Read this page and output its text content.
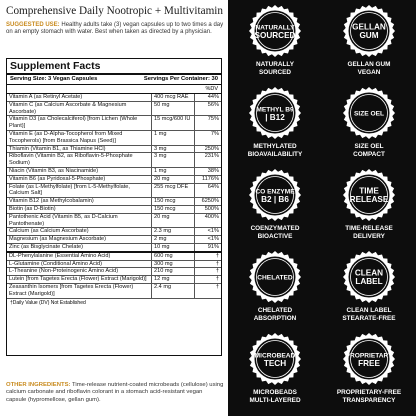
Comprehensive Daily Nootropic + Multivitamin
SUGGESTED USE: Healthy adults take (3) vegan capsules up to two times a day on an empty stomach with water. Best when taken as directed by a physician.
Supplement Facts
Serving Size: 3 Vegan Capsules	Servings Per Container: 30
%DV
Vitamin A (as Retinyl Acetate)	400 mcg RAE	44%
Vitamin C (as Calcium Ascorbate & Magnesium Ascorbate)
50 mg	56%
Vitamin D3 (as Cholecalciferol) [from Lichen (Whole Plant)]
15 mcg/600 IU	75%
Vitamin E (as D-Alpha-Tocopherol from Mixed Tocopherols) [from Brassica Napus (Seed)]
1 mg	7%
Thiamin (Vitamin B1, as Thiamine HCl)	3 mg	250%
Riboflavin (Vitamin B2, as Riboflavin-5-Phosphate Sodium)
3 mg	231%
Niacin (Vitamin B3, as Niacinamide)	1 mg	38%
Vitamin B6 (as Pyridoxal-5-Phosphate)	20 mg	1176%
Folate (as L-Methylfolate) [from L-5-Methylfolate, Calcium Salt]
255 mcg DFE	64%
Vitamin B12 (as Methylcobalamin)	150 mcg	6250%
Biotin (as D-Biotin)	150 mcg	500%
Pantothenic Acid (Vitamin B5, as D-Calcium Pantothenate)
20 mg	400%
Calcium (as Calcium Ascorbate)	2.3 mg	<1%
Magnesium (as Magnesium Ascorbate)	2 mg	<1%
Zinc (as Bisglycinate Chelate)	10 mg	91%
DL-Phenylalanine (Essential Amino Acid)	600 mg	†
L-Glutamine (Conditional Amino Acid)	300 mg	†
L-Theanine (Non-Proteinogenic Amino Acid)	210 mg	†
Lutein [from Tagetes Erecta (Flower) Extract (Marigold)]	12 mg	†
Zeaxanthin Isomers [from Tagetes Erecta (Flower) Extract (Marigold)]
2.4 mg	†
†Daily Value (DV) Not Established
OTHER INGREDIENTS: Time-release nutrient-coated microbeads (cellulose) using calcium carbonate and riboflavin colorant in a stomach acid-resistant vegan capsule (hypromellose, gellan gum).
NATURALLY
SOURCED
NATURALLY
SOURCED
GELLAN
GUM
GELLAN GUM
VEGAN
METHYL B9
| B12
METHYLATED
BIOAVAILABILITY
SIZE OEL
SIZE OEL
COMPACT
CO ENZYME
B2 | B6
COENZYMATED
BIOACTIVE
TIME
RELEASE
TIME-RELEASE
DELIVERY
CHELATED
CHELATED
ABSORPTION
CLEAN
LABEL
CLEAN LABEL
STEARATE-FREE
MICROBEAD
TECH
MICROBEADS
MULTI-LAYERED
PROPRIETARY
FREE
PROPRIETARY-FREE
TRANSPARENCY
